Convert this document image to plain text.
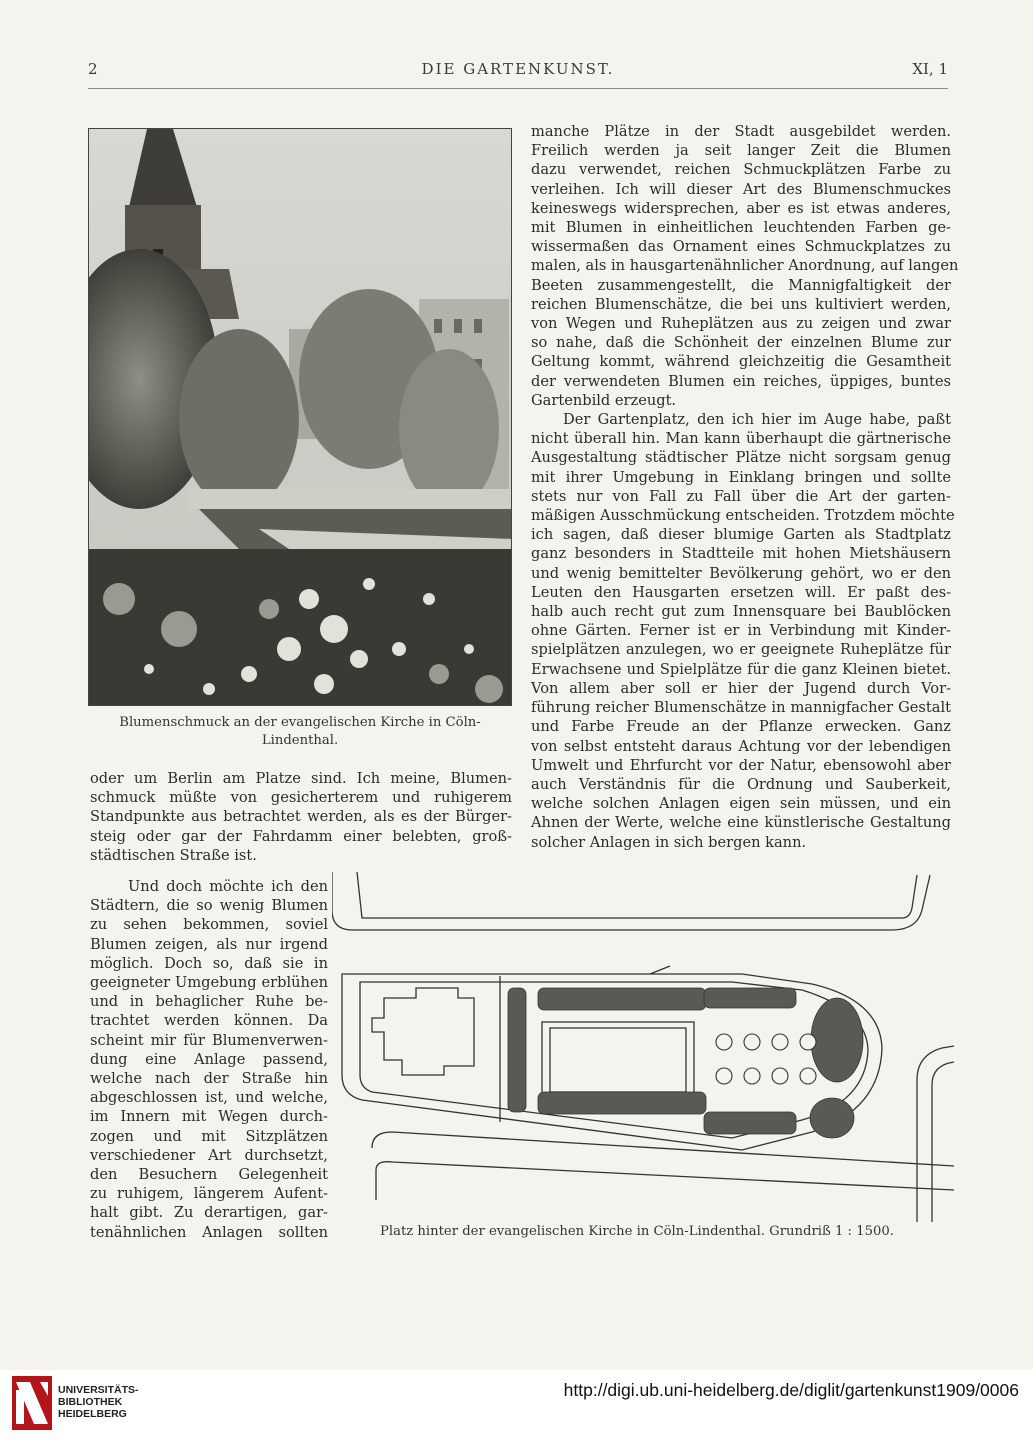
2	DIE GARTENKUNST.	XI, 1
Blumenschmuck an der evangelischen Kirche in Cöln-
Lindenthal.

manche Plätze in der Stadt ausgebildet werden.
Freilich werden ja seit langer Zeit die Blumen
dazu verwendet, reichen Schmuckplätzen Farbe zu
verleihen. Ich will dieser Art des Blumenschmuckes
keineswegs widersprechen, aber es ist etwas anderes,
mit Blumen in einheitlichen leuchtenden Farben ge-
wissermaßen das Ornament eines Schmuckplatzes zu
malen, als in hausgartenähnlicher Anordnung, auf langen
Beeten zusammengestellt, die Mannigfaltigkeit der
reichen Blumenschätze, die bei uns kultiviert werden,
von Wegen und Ruheplätzen aus zu zeigen und zwar
so nahe, daß die Schönheit der einzelnen Blume zur
Geltung kommt, während gleichzeitig die Gesamtheit
der verwendeten Blumen ein reiches, üppiges, buntes
Gartenbild erzeugt.

Der Gartenplatz, den ich hier im Auge habe, paßt
nicht überall hin. Man kann überhaupt die gärtnerische
Ausgestaltung städtischer Plätze nicht sorgsam genug
mit ihrer Umgebung in Einklang bringen und sollte
stets nur von Fall zu Fall über die Art der garten-
mäßigen Ausschmückung entscheiden. Trotzdem möchte
ich sagen, daß dieser blumige Garten als Stadtplatz
ganz besonders in Stadtteile mit hohen Mietshäusern
und wenig bemittelter Bevölkerung gehört, wo er den
Leuten den Hausgarten ersetzen will. Er paßt des-
halb auch recht gut zum Innensquare bei Baublöcken
ohne Gärten. Ferner ist er in Verbindung mit Kinder-
spielplätzen anzulegen, wo er geeignete Ruheplätze für
Erwachsene und Spielplätze für die ganz Kleinen bietet.
Von allem aber soll er hier der Jugend durch Vor-
führung reicher Blumenschätze in mannigfacher Gestalt
und Farbe Freude an der Pflanze erwecken. Ganz
von selbst entsteht daraus Achtung vor der lebendigen
Umwelt und Ehrfurcht vor der Natur, ebensowohl aber
auch Verständnis für die Ordnung und Sauberkeit,
welche solchen Anlagen eigen sein müssen, und ein
Ahnen der Werte, welche eine künstlerische Gestaltung
solcher Anlagen in sich bergen kann.

oder um Berlin am Platze sind. Ich meine, Blumen-
schmuck müßte von gesicherterem und ruhigerem
Standpunkte aus betrachtet werden, als es der Bürger-
steig oder gar der Fahrdamm einer belebten, groß-
städtischen Straße ist.

Und doch möchte ich den
Städtern, die so wenig Blumen
zu sehen bekommen, soviel
Blumen zeigen, als nur irgend
möglich. Doch so, daß sie in
geeigneter Umgebung erblühen
und in behaglicher Ruhe be-
trachtet werden können. Da
scheint mir für Blumenverwen-
dung eine Anlage passend,
welche nach der Straße hin
abgeschlossen ist, und welche,
im Innern mit Wegen durch-
zogen und mit Sitzplätzen
verschiedener Art durchsetzt,
den Besuchern Gelegenheit
zu ruhigem, längerem Aufent-
halt gibt. Zu derartigen, gar-
tenähnlichen Anlagen sollten	Platz hinter der evangelischen Kirche in Cöln-Lindenthal. Grundriß 1 : 1500.
UNIVERSITÄTS-
BIBLIOTHEK
HEIDELBERG
http://digi.ub.uni-heidelberg.de/diglit/gartenkunst1909/0006
